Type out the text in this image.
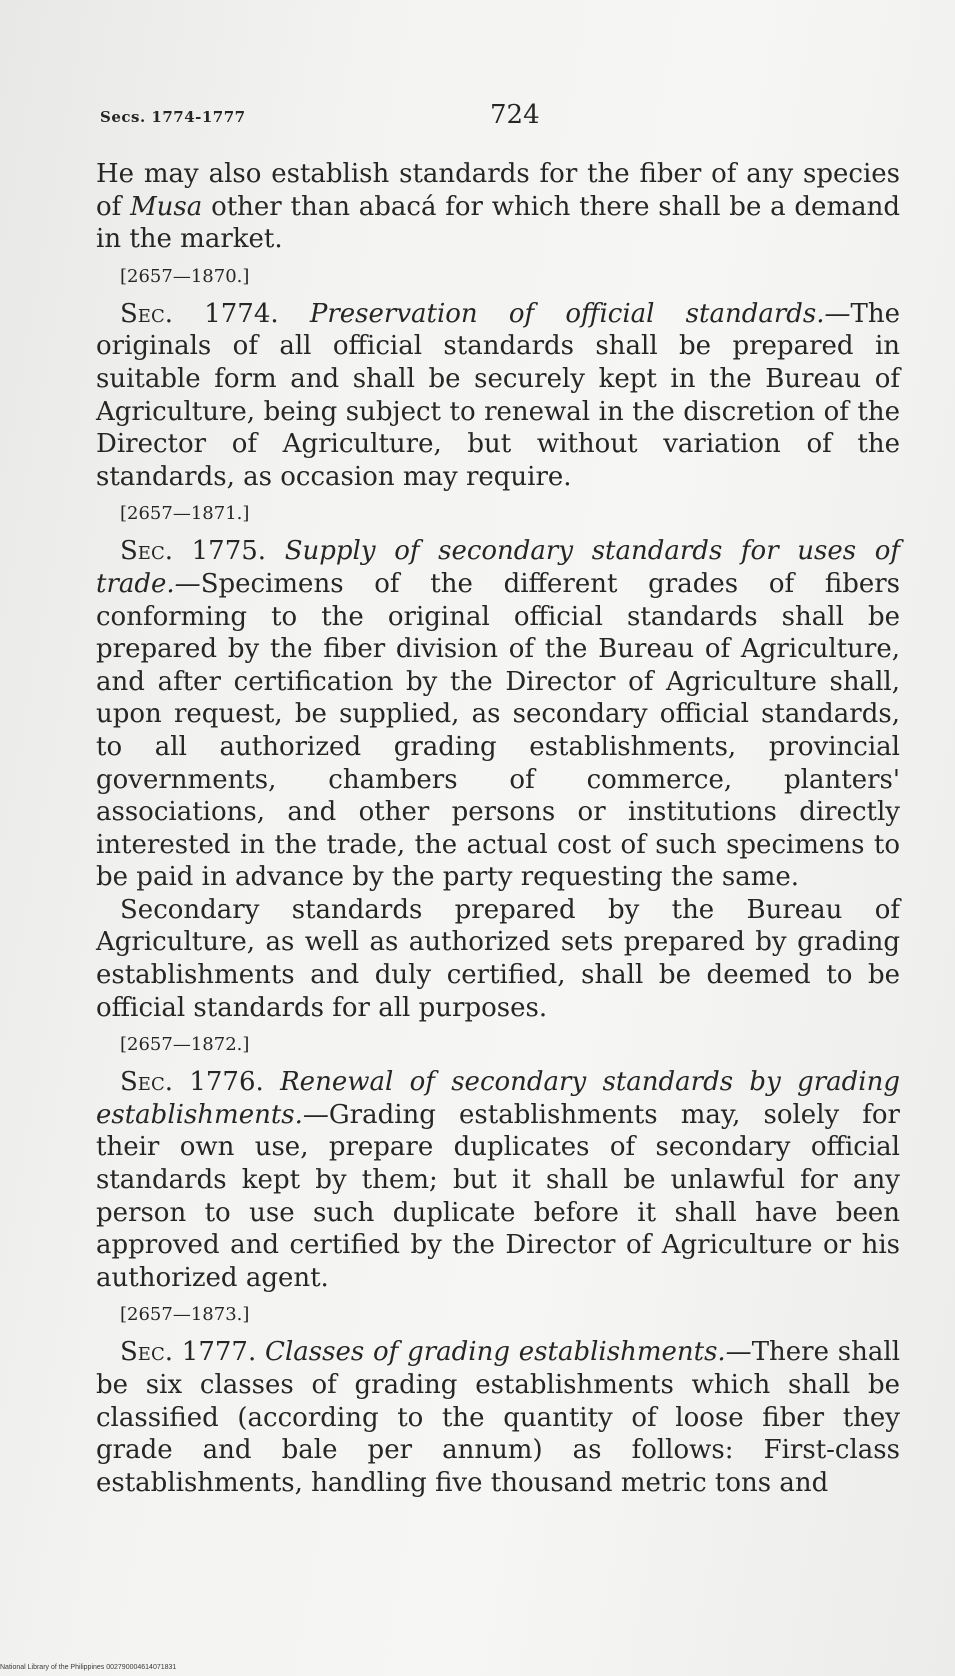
Secs. 1774-1777	724

He may also establish standards for the fiber of any species of Musa other than abacá for which there shall be a demand in the market.

[2657—1870.]

Sec. 1774. Preservation of official standards.—The originals of all official standards shall be prepared in suitable form and shall be securely kept in the Bureau of Agriculture, being subject to renewal in the discretion of the Director of Agriculture, but without variation of the standards, as occasion may require.

[2657—1871.]

Sec. 1775. Supply of secondary standards for uses of trade.—Specimens of the different grades of fibers conforming to the original official standards shall be prepared by the fiber division of the Bureau of Agriculture, and after certification by the Director of Agriculture shall, upon request, be supplied, as secondary official standards, to all authorized grading establishments, provincial governments, chambers of commerce, planters' associations, and other persons or institutions directly interested in the trade, the actual cost of such specimens to be paid in advance by the party requesting the same.

Secondary standards prepared by the Bureau of Agriculture, as well as authorized sets prepared by grading establishments and duly certified, shall be deemed to be official standards for all purposes.

[2657—1872.]

Sec. 1776. Renewal of secondary standards by grading establishments.—Grading establishments may, solely for their own use, prepare duplicates of secondary official standards kept by them; but it shall be unlawful for any person to use such duplicate before it shall have been approved and certified by the Director of Agriculture or his authorized agent.

[2657—1873.]

Sec. 1777. Classes of grading establishments.—There shall be six classes of grading establishments which shall be classified (according to the quantity of loose fiber they grade and bale per annum) as follows: First-class establishments, handling five thousand metric tons and

National Library of the Philippines 002790004614071831
